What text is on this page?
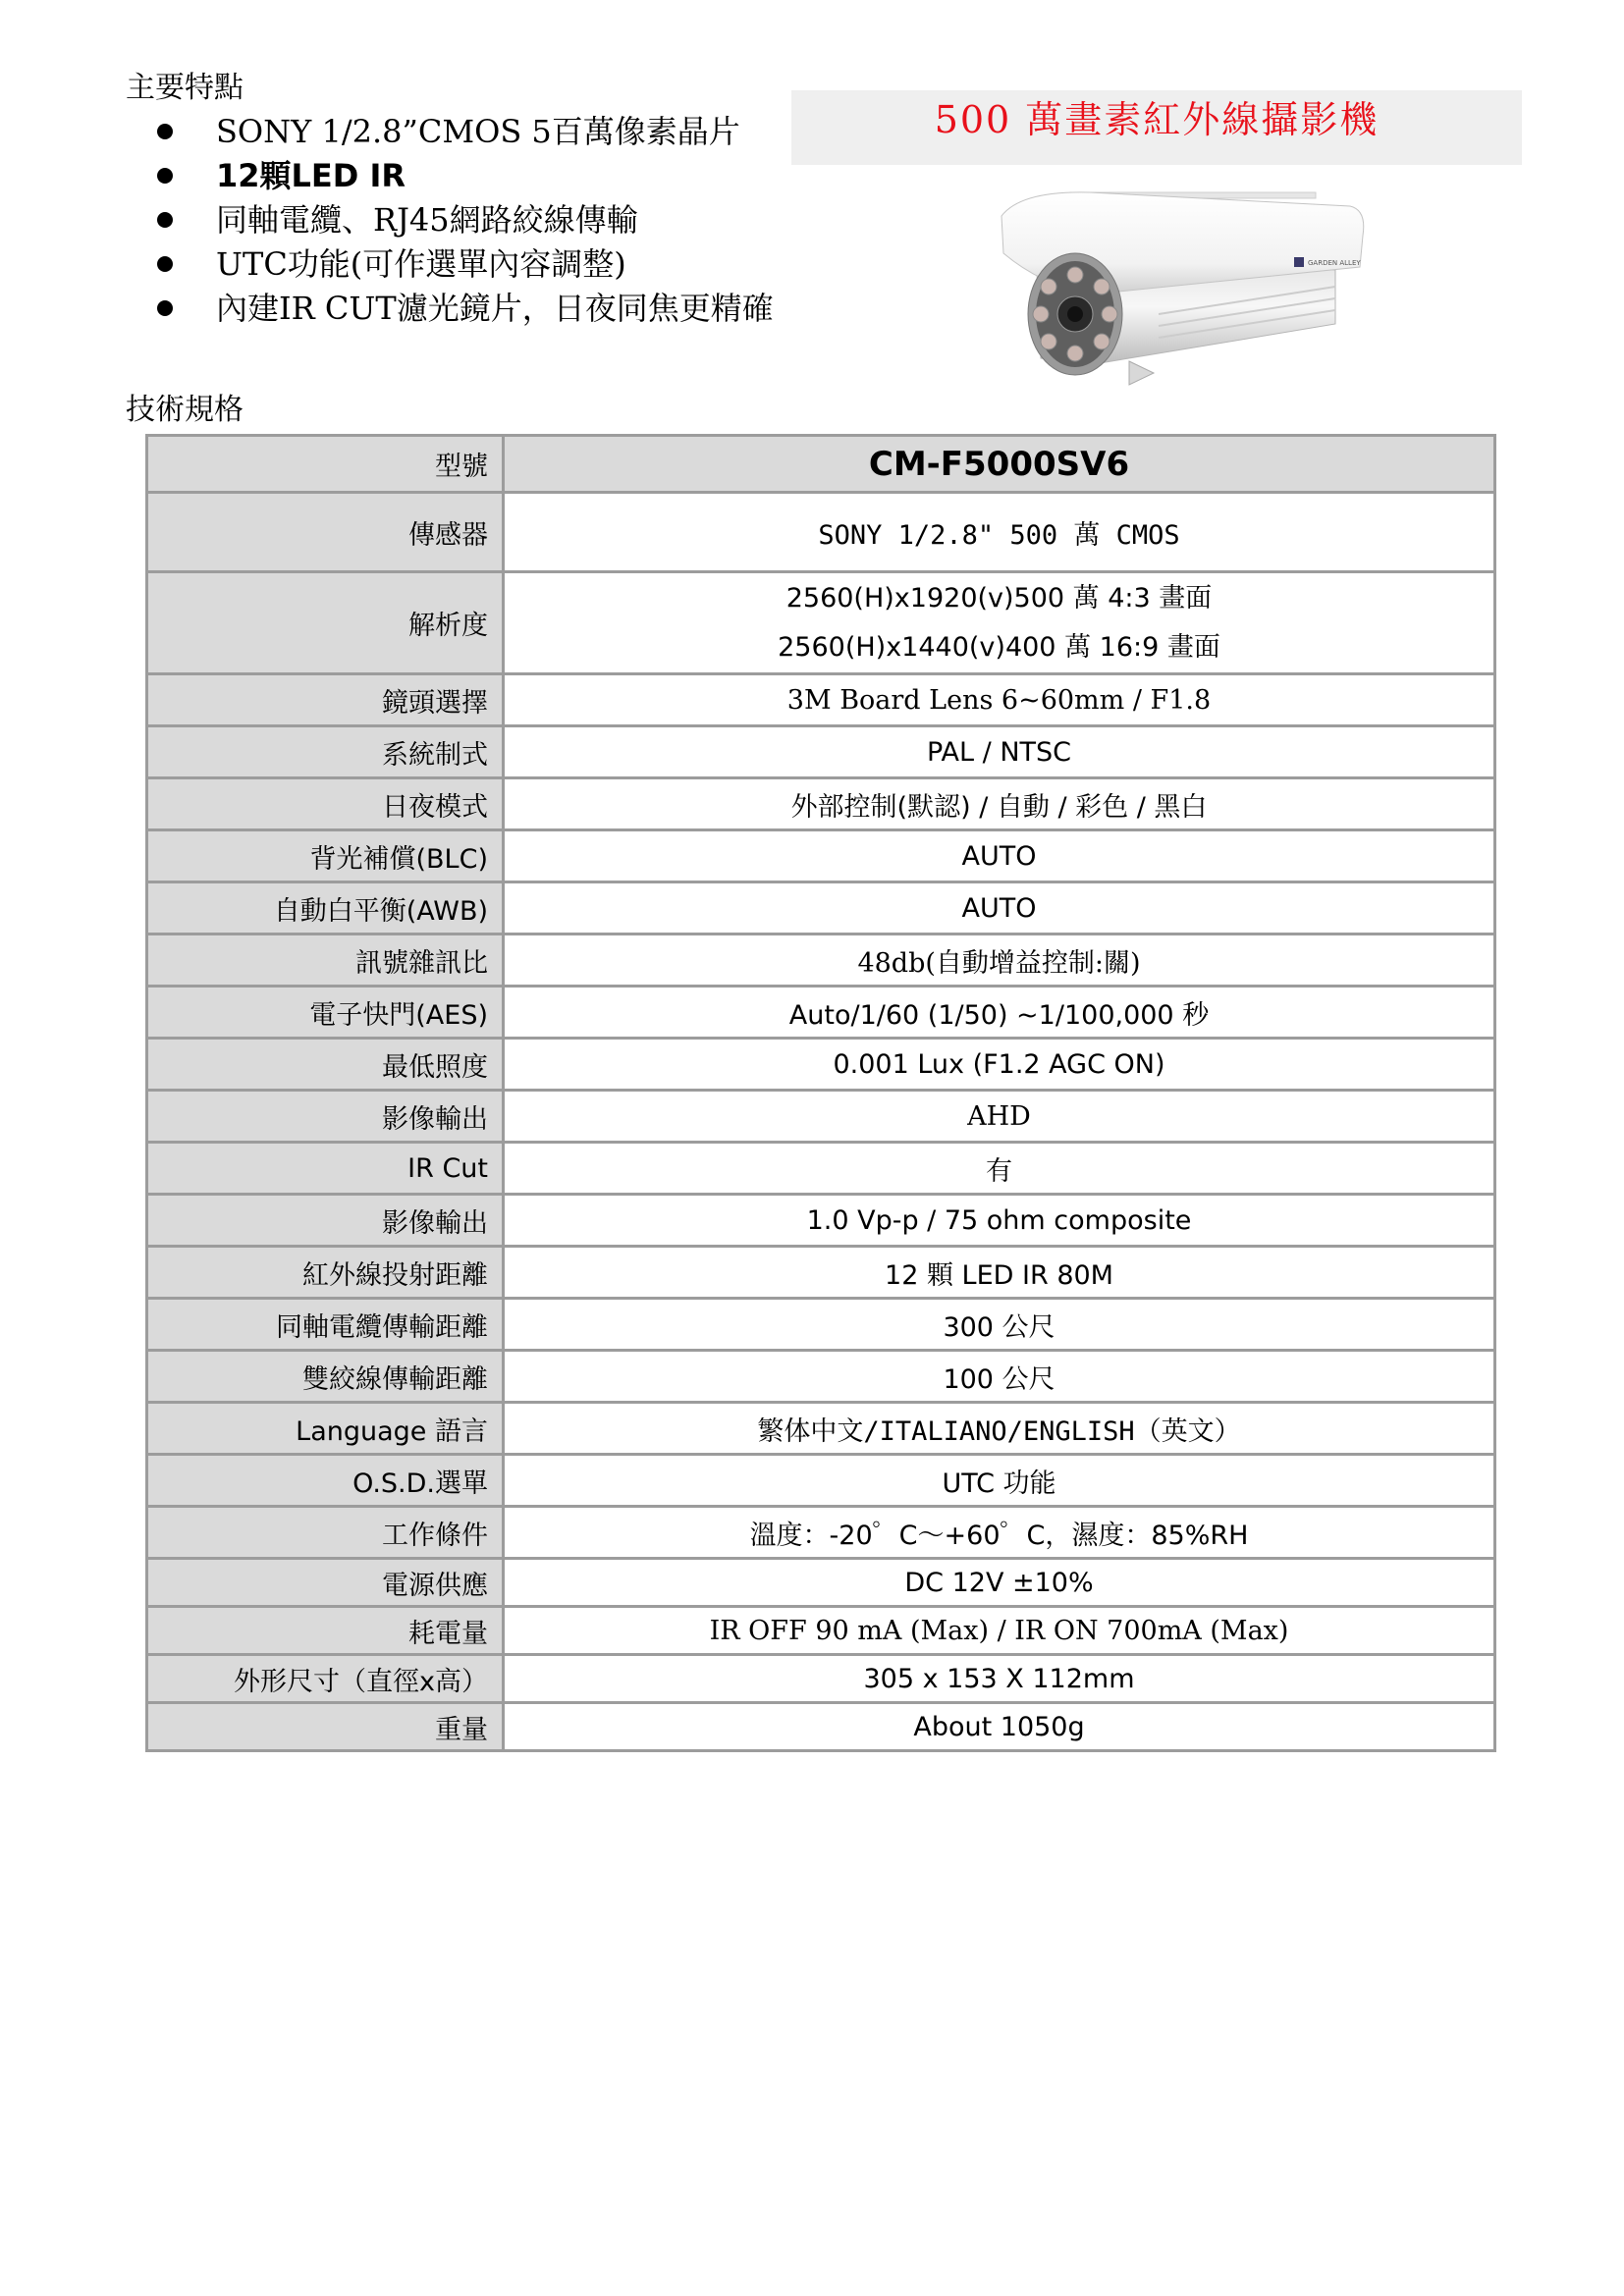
主要特點
SONY 1/2.8”CMOS 5百萬像素晶片
12顆LED IR
同軸電纜、RJ45網路絞線傳輸
UTC功能(可作選單內容調整)
內建IR CUT濾光鏡片，日夜同焦更精確
500 萬畫素紅外線攝影機
GARDEN ALLEY
技術規格
型號	CM-F5000SV6
傳感器	SONY 1/2.8" 500 萬 CMOS
解析度	2560(H)x1920(v)500 萬 4:3 畫面
2560(H)x1440(v)400 萬 16:9 畫面

鏡頭選擇	3M Board Lens 6~60mm / F1.8
系統制式	PAL / NTSC
日夜模式	外部控制(默認) / 自動 / 彩色 / 黑白
背光補償(BLC)	AUTO
自動白平衡(AWB)	AUTO
訊號雜訊比	48db(自動增益控制:關)
電子快門(AES)	Auto/1/60 (1/50) ~1/100,000 秒
最低照度	0.001 Lux (F1.2 AGC ON)
影像輸出	AHD
IR Cut	有
影像輸出	1.0 Vp-p / 75 ohm composite
紅外線投射距離	12 顆 LED IR 80M
同軸電纜傳輸距離	300 公尺
雙絞線傳輸距離	100 公尺
Language 語言	繁体中文/ITALIANO/ENGLISH（英文）
O.S.D.選單	UTC 功能
工作條件	溫度：-20゜C～+60゜C，濕度：85%RH
電源供應	DC 12V ±10%
耗電量	IR OFF 90 mA (Max) / IR ON 700mA (Max)
外形尺寸（直徑x高）	305 x 153 X 112mm
重量	About 1050g
